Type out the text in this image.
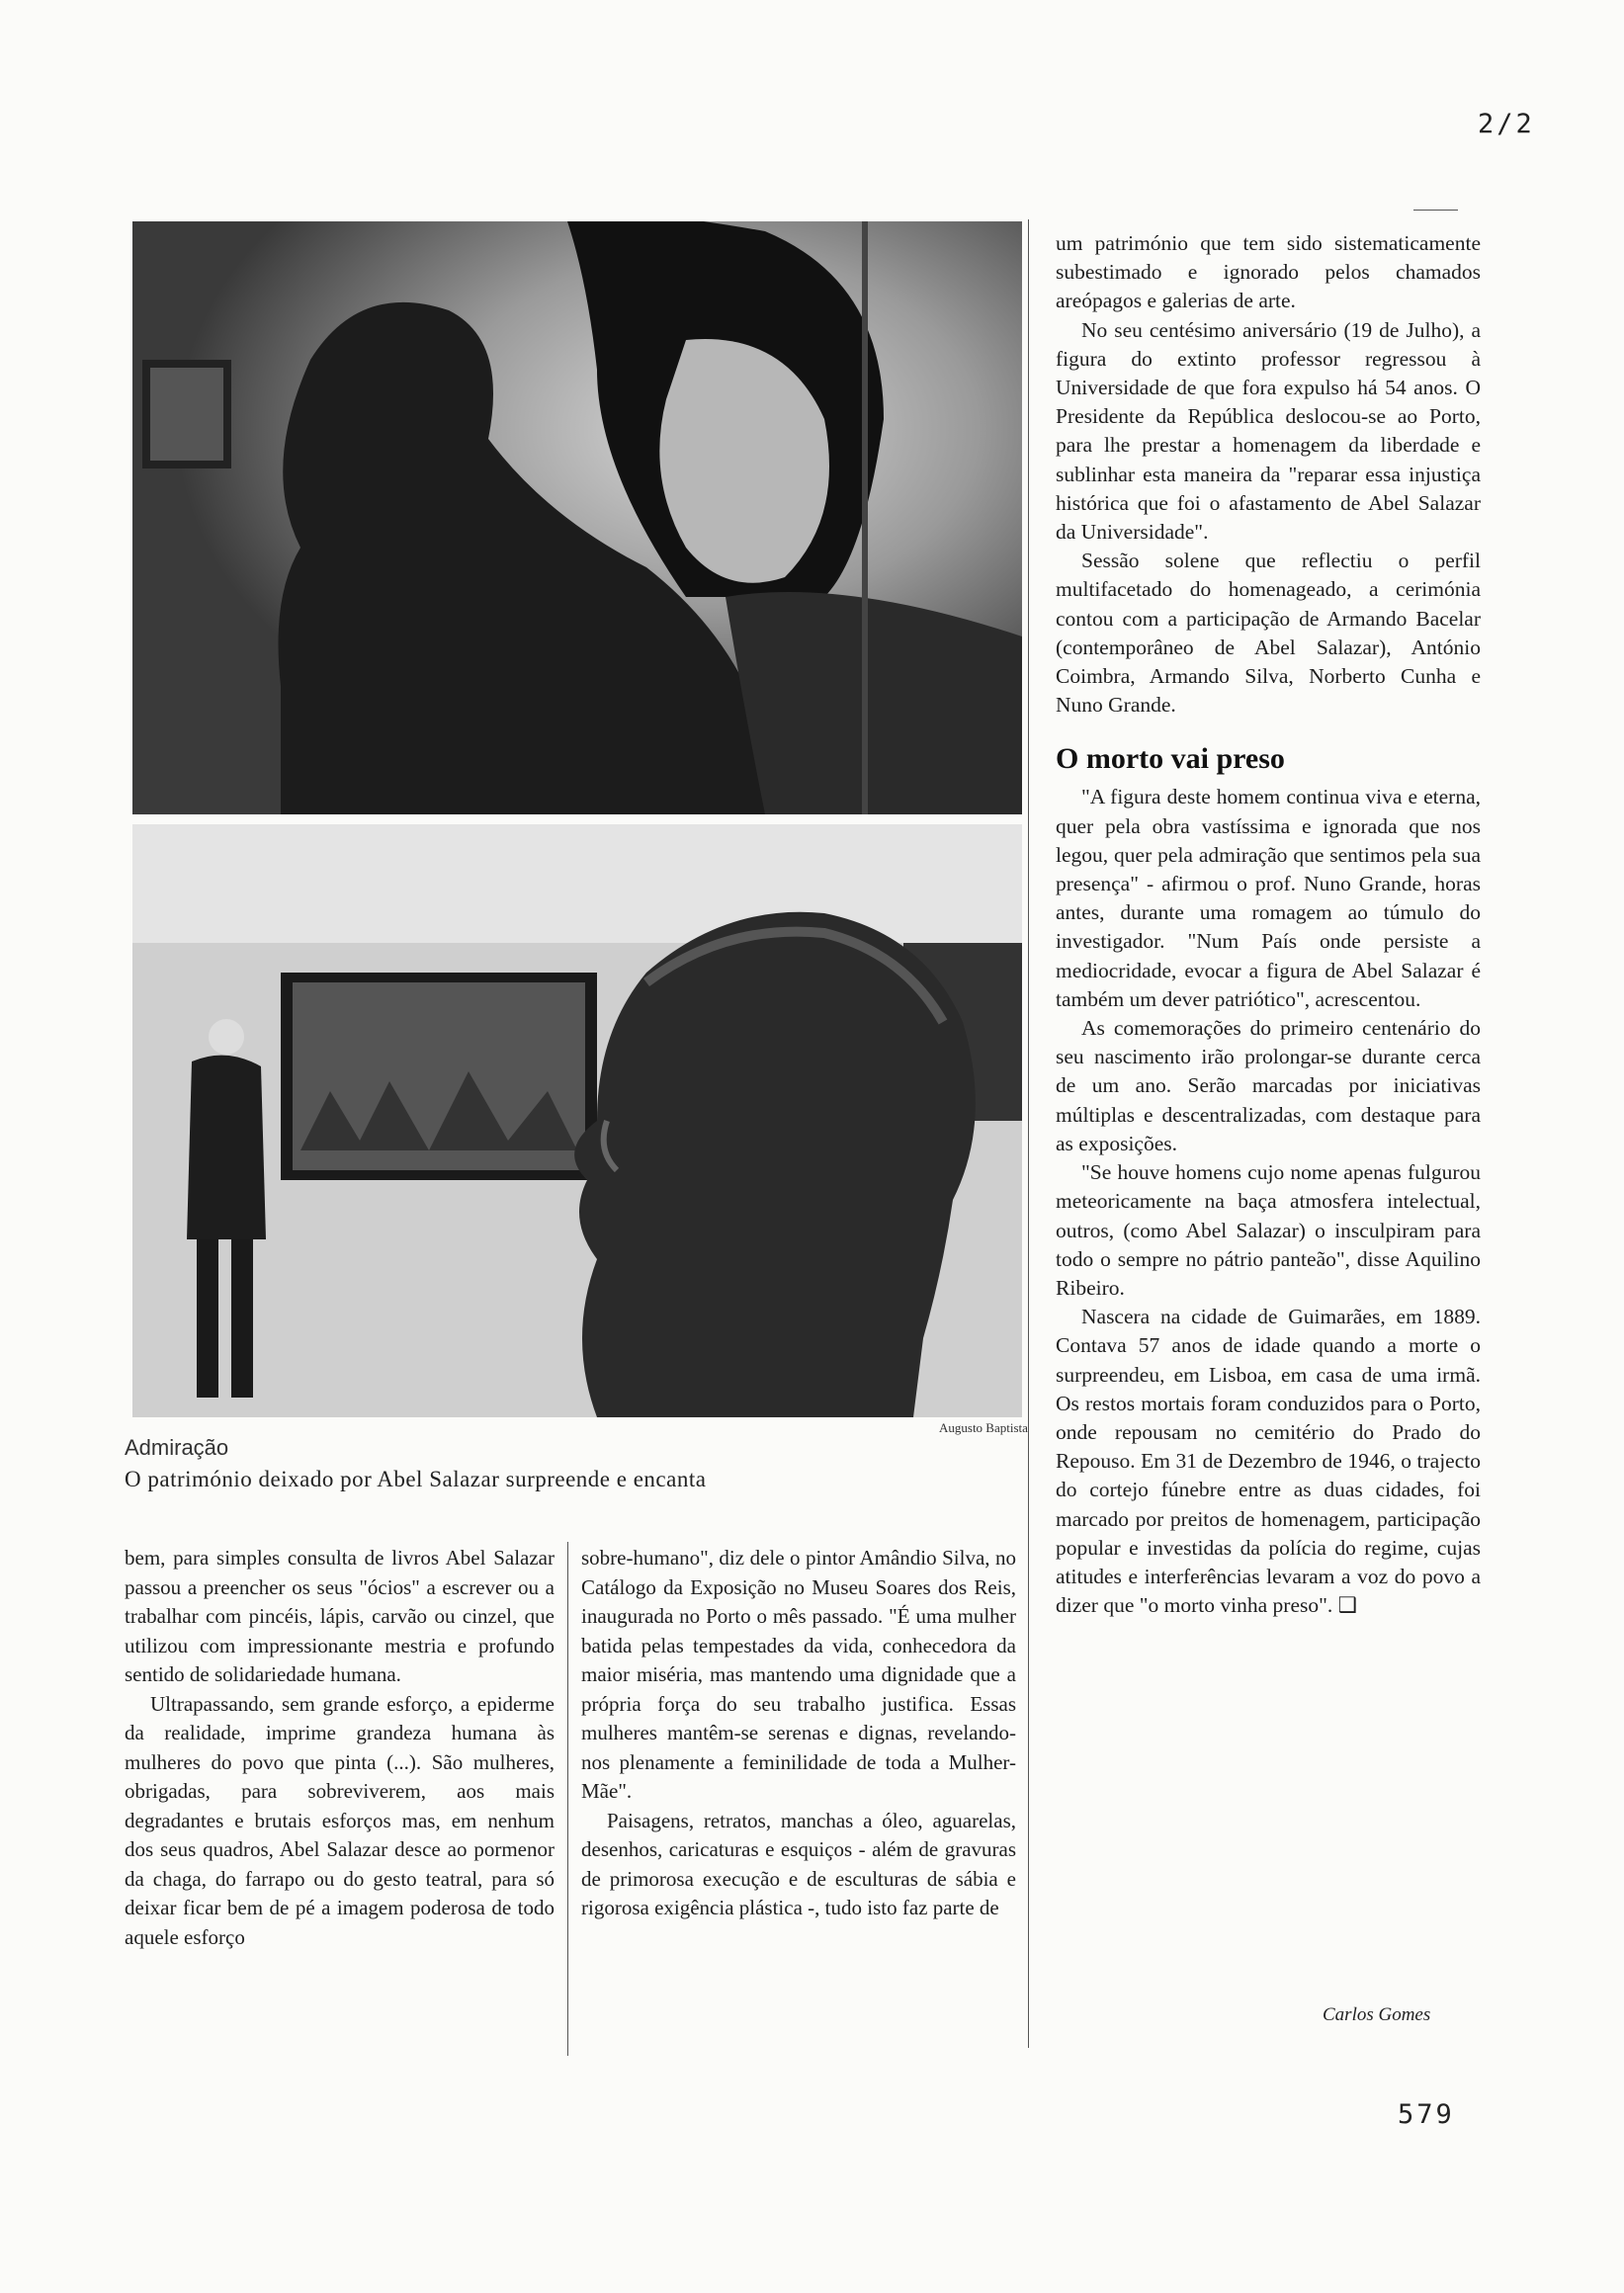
2/2
Augusto Baptista
Admiração
O património deixado por Abel Salazar surpreende e encanta

bem, para simples consulta de livros Abel Salazar passou a preencher os seus "ócios" a escrever ou a trabalhar com pincéis, lápis, carvão ou cinzel, que utilizou com impressionante mestria e profundo sentido de solidariedade humana.

Ultrapassando, sem grande esforço, a epiderme da realidade, imprime grandeza humana às mulheres do povo que pinta (...). São mulheres, obrigadas, para sobreviverem, aos mais degradantes e brutais esforços mas, em nenhum dos seus quadros, Abel Salazar desce ao pormenor da chaga, do farrapo ou do gesto teatral, para só deixar ficar bem de pé a imagem poderosa de todo aquele esforço

sobre-humano", diz dele o pintor Amândio Silva, no Catálogo da Exposição no Museu Soares dos Reis, inaugurada no Porto o mês passado. "É uma mulher batida pelas tempestades da vida, conhecedora da maior miséria, mas mantendo uma dignidade que a própria força do seu trabalho justifica. Essas mulheres mantêm-se serenas e dignas, revelando-nos plenamente a feminilidade de toda a Mulher-Mãe".

Paisagens, retratos, manchas a óleo, aguarelas, desenhos, caricaturas e esquiços - além de gravuras de primorosa execução e de esculturas de sábia e rigorosa exigência plástica -, tudo isto faz parte de

um património que tem sido sistematicamente subestimado e ignorado pelos chamados areópagos e galerias de arte.

No seu centésimo aniversário (19 de Julho), a figura do extinto professor regressou à Universidade de que fora expulso há 54 anos. O Presidente da República deslocou-se ao Porto, para lhe prestar a homenagem da liberdade e sublinhar esta maneira da "reparar essa injustiça histórica que foi o afastamento de Abel Salazar da Universidade".

Sessão solene que reflectiu o perfil multifacetado do homenageado, a cerimónia contou com a participação de Armando Bacelar (contemporâneo de Abel Salazar), António Coimbra, Armando Silva, Norberto Cunha e Nuno Grande.

O morto vai preso

"A figura deste homem continua viva e eterna, quer pela obra vastíssima e ignorada que nos legou, quer pela admiração que sentimos pela sua presença" - afirmou o prof. Nuno Grande, horas antes, durante uma romagem ao túmulo do investigador. "Num País onde persiste a mediocridade, evocar a figura de Abel Salazar é também um dever patriótico", acrescentou.

As comemorações do primeiro centenário do seu nascimento irão prolongar-se durante cerca de um ano. Serão marcadas por iniciativas múltiplas e descentralizadas, com destaque para as exposições.

"Se houve homens cujo nome apenas fulgurou meteoricamente na baça atmosfera intelectual, outros, (como Abel Salazar) o insculpiram para todo o sempre no pátrio panteão", disse Aquilino Ribeiro.

Nascera na cidade de Guimarães, em 1889. Contava 57 anos de idade quando a morte o surpreendeu, em Lisboa, em casa de uma irmã. Os restos mortais foram conduzidos para o Porto, onde repousam no cemitério do Prado do Repouso. Em 31 de Dezembro de 1946, o trajecto do cortejo fúnebre entre as duas cidades, foi marcado por preitos de homenagem, participação popular e investidas da polícia do regime, cujas atitudes e interferências levaram a voz do povo a dizer que "o morto vinha preso". ❑

Carlos Gomes
579
